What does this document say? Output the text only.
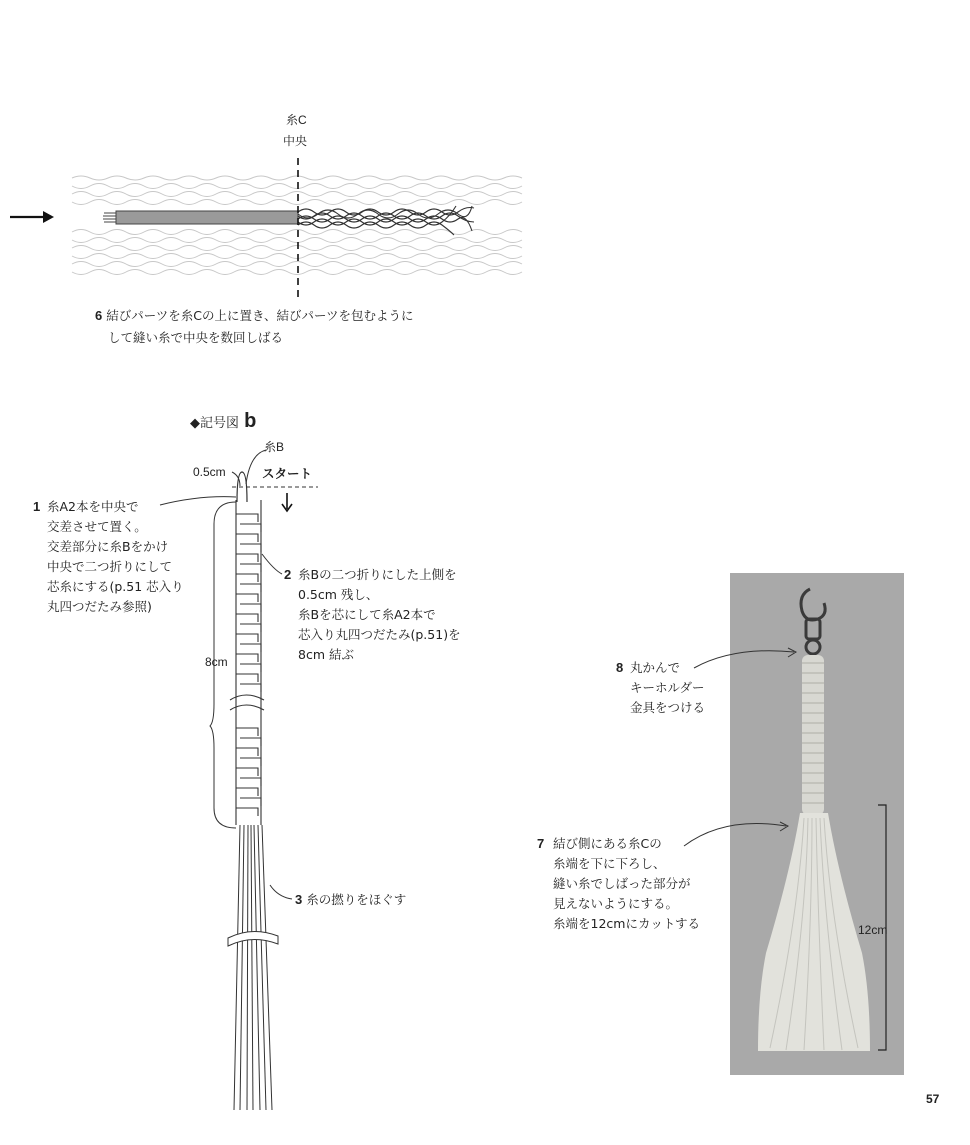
糸C
中央
6 結びパーツを糸Cの上に置き、結びパーツを包むように
して縫い糸で中央を数回しばる
◆記号図 b
糸B
0.5cm	スタート
8cm
1 糸A2本を中央で
交差させて置く。
交差部分に糸Bをかけ
中央で二つ折りにして
芯糸にする(p.51 芯入り
丸四つだたみ参照)
2 糸Bの二つ折りにした上側を
0.5cm 残し、
糸Bを芯にして糸A2本で
芯入り丸四つだたみ(p.51)を
8cm 結ぶ
3 糸の撚りをほぐす
12cm
8 丸かんで
キーホルダー
金具をつける
7 結び側にある糸Cの
糸端を下に下ろし、
縫い糸でしばった部分が
見えないようにする。
糸端を12cmにカットする
57
